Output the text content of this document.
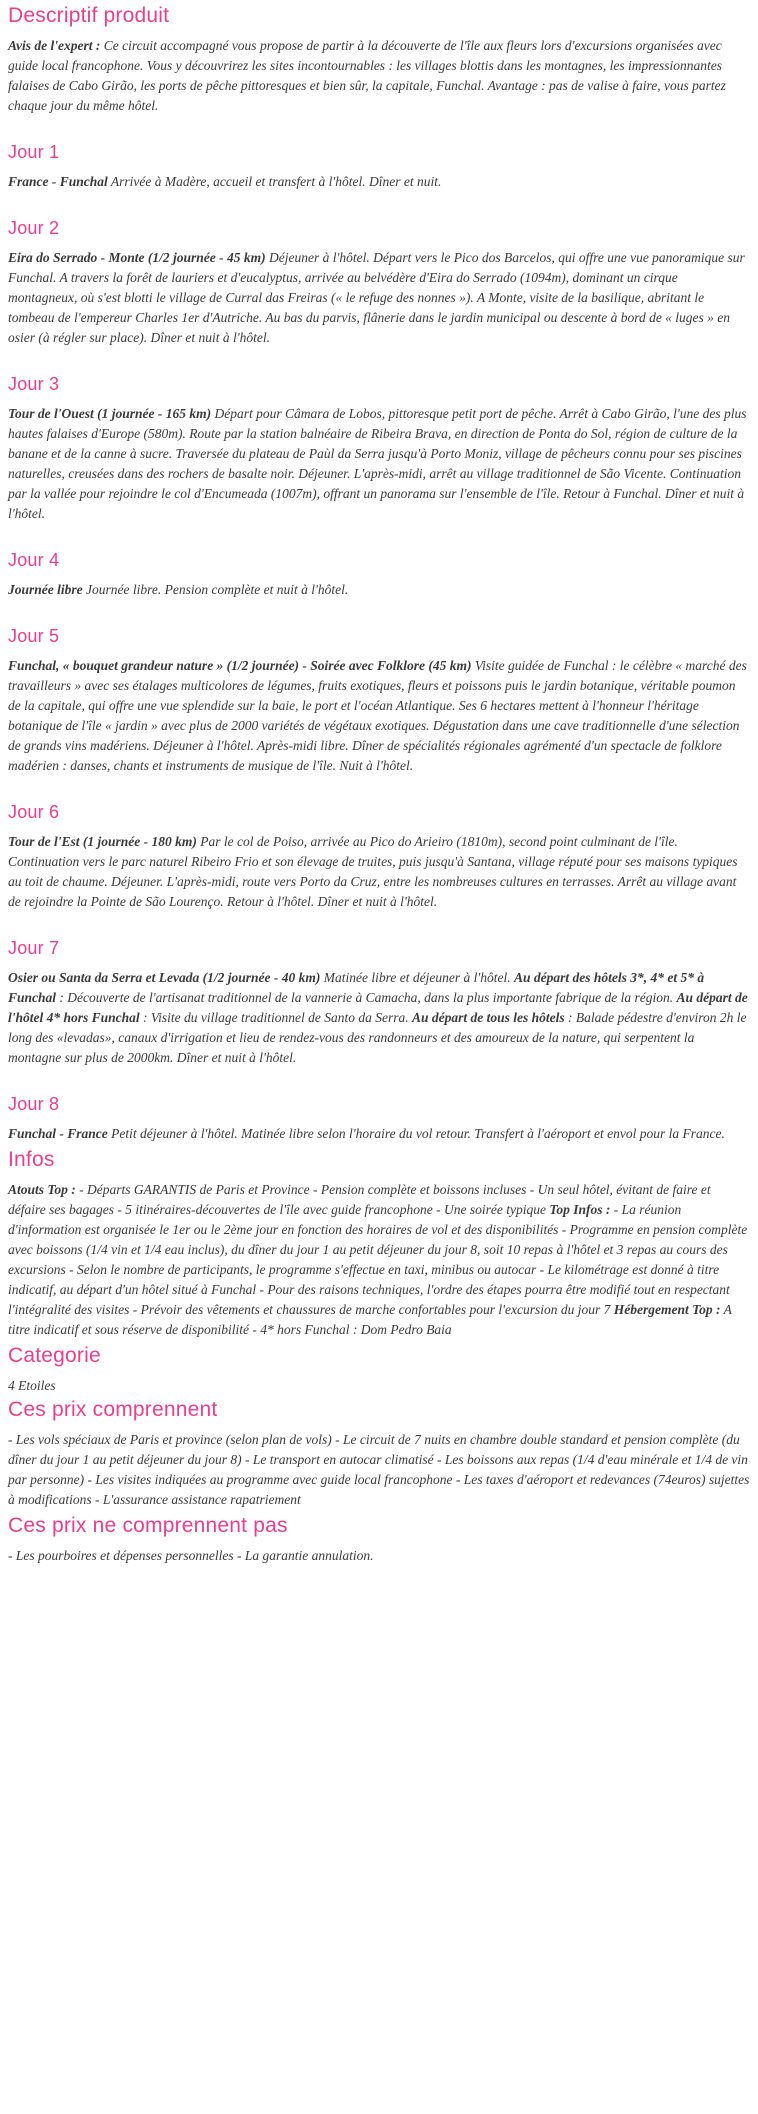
Descriptif produit

Avis de l'expert : Ce circuit accompagné vous propose de partir à la découverte de l'île aux fleurs lors d'excursions organisées avec guide local francophone. Vous y découvrirez les sites incontournables : les villages blottis dans les montagnes, les impressionnantes falaises de Cabo Girão, les ports de pêche pittoresques et bien sûr, la capitale, Funchal. Avantage : pas de valise à faire, vous partez chaque jour du même hôtel.

Jour 1

France - Funchal Arrivée à Madère, accueil et transfert à l'hôtel. Dîner et nuit.

Jour 2

Eira do Serrado - Monte (1/2 journée - 45 km) Déjeuner à l'hôtel. Départ vers le Pico dos Barcelos, qui offre une vue panoramique sur Funchal. A travers la forêt de lauriers et d'eucalyptus, arrivée au belvédère d'Eira do Serrado (1094m), dominant un cirque montagneux, où s'est blotti le village de Curral das Freiras (« le refuge des nonnes »). A Monte, visite de la basilique, abritant le tombeau de l'empereur Charles 1er d'Autriche. Au bas du parvis, flânerie dans le jardin municipal ou descente à bord de « luges » en osier (à régler sur place). Dîner et nuit à l'hôtel.

Jour 3

Tour de l'Ouest (1 journée - 165 km) Départ pour Câmara de Lobos, pittoresque petit port de pêche. Arrêt à Cabo Girão, l'une des plus hautes falaises d'Europe (580m). Route par la station balnéaire de Ribeira Brava, en direction de Ponta do Sol, région de culture de la banane et de la canne à sucre. Traversée du plateau de Paùl da Serra jusqu'à Porto Moniz, village de pêcheurs connu pour ses piscines naturelles, creusées dans des rochers de basalte noir. Déjeuner. L'après-midi, arrêt au village traditionnel de São Vicente. Continuation par la vallée pour rejoindre le col d'Encumeada (1007m), offrant un panorama sur l'ensemble de l'île. Retour à Funchal. Dîner et nuit à l'hôtel.

Jour 4

Journée libre Journée libre. Pension complète et nuit à l'hôtel.

Jour 5

Funchal, « bouquet grandeur nature » (1/2 journée) - Soirée avec Folklore (45 km) Visite guidée de Funchal : le célèbre « marché des travailleurs » avec ses étalages multicolores de légumes, fruits exotiques, fleurs et poissons puis le jardin botanique, véritable poumon de la capitale, qui offre une vue splendide sur la baie, le port et l'océan Atlantique. Ses 6 hectares mettent à l'honneur l'héritage botanique de l'île « jardin » avec plus de 2000 variétés de végétaux exotiques. Dégustation dans une cave traditionnelle d'une sélection de grands vins madériens. Déjeuner à l'hôtel. Après-midi libre. Dîner de spécialités régionales agrémenté d'un spectacle de folklore madérien : danses, chants et instruments de musique de l'île. Nuit à l'hôtel.

Jour 6

Tour de l'Est (1 journée - 180 km) Par le col de Poiso, arrivée au Pico do Arieiro (1810m), second point culminant de l'île. Continuation vers le parc naturel Ribeiro Frio et son élevage de truites, puis jusqu'à Santana, village réputé pour ses maisons typiques au toit de chaume. Déjeuner. L'après-midi, route vers Porto da Cruz, entre les nombreuses cultures en terrasses. Arrêt au village avant de rejoindre la Pointe de São Lourenço. Retour à l'hôtel. Dîner et nuit à l'hôtel.

Jour 7

Osier ou Santa da Serra et Levada (1/2 journée - 40 km) Matinée libre et déjeuner à l'hôtel. Au départ des hôtels 3*, 4* et 5* à Funchal : Découverte de l'artisanat traditionnel de la vannerie à Camacha, dans la plus importante fabrique de la région. Au départ de l'hôtel 4* hors Funchal : Visite du village traditionnel de Santo da Serra. Au départ de tous les hôtels : Balade pédestre d'environ 2h le long des «levadas», canaux d'irrigation et lieu de rendez-vous des randonneurs et des amoureux de la nature, qui serpentent la montagne sur plus de 2000km. Dîner et nuit à l'hôtel.

Jour 8

Funchal - France Petit déjeuner à l'hôtel. Matinée libre selon l'horaire du vol retour. Transfert à l'aéroport et envol pour la France.

Infos

Atouts Top : - Départs GARANTIS de Paris et Province - Pension complète et boissons incluses - Un seul hôtel, évitant de faire et défaire ses bagages - 5 itinéraires-découvertes de l'île avec guide francophone - Une soirée typique Top Infos : - La réunion d'information est organisée le 1er ou le 2ème jour en fonction des horaires de vol et des disponibilités - Programme en pension complète avec boissons (1/4 vin et 1/4 eau inclus), du dîner du jour 1 au petit déjeuner du jour 8, soit 10 repas à l'hôtel et 3 repas au cours des excursions - Selon le nombre de participants, le programme s'effectue en taxi, minibus ou autocar - Le kilométrage est donné à titre indicatif, au départ d'un hôtel situé à Funchal - Pour des raisons techniques, l'ordre des étapes pourra être modifié tout en respectant l'intégralité des visites - Prévoir des vêtements et chaussures de marche confortables pour l'excursion du jour 7 Hébergement Top : A titre indicatif et sous réserve de disponibilité - 4* hors Funchal : Dom Pedro Baia

Categorie

4 Etoiles

Ces prix comprennent

- Les vols spéciaux de Paris et province (selon plan de vols) - Le circuit de 7 nuits en chambre double standard et pension complète (du dîner du jour 1 au petit déjeuner du jour 8) - Le transport en autocar climatisé - Les boissons aux repas (1/4 d'eau minérale et 1/4 de vin par personne) - Les visites indiquées au programme avec guide local francophone - Les taxes d'aéroport et redevances (74euros) sujettes à modifications - L'assurance assistance rapatriement

Ces prix ne comprennent pas

- Les pourboires et dépenses personnelles - La garantie annulation.
